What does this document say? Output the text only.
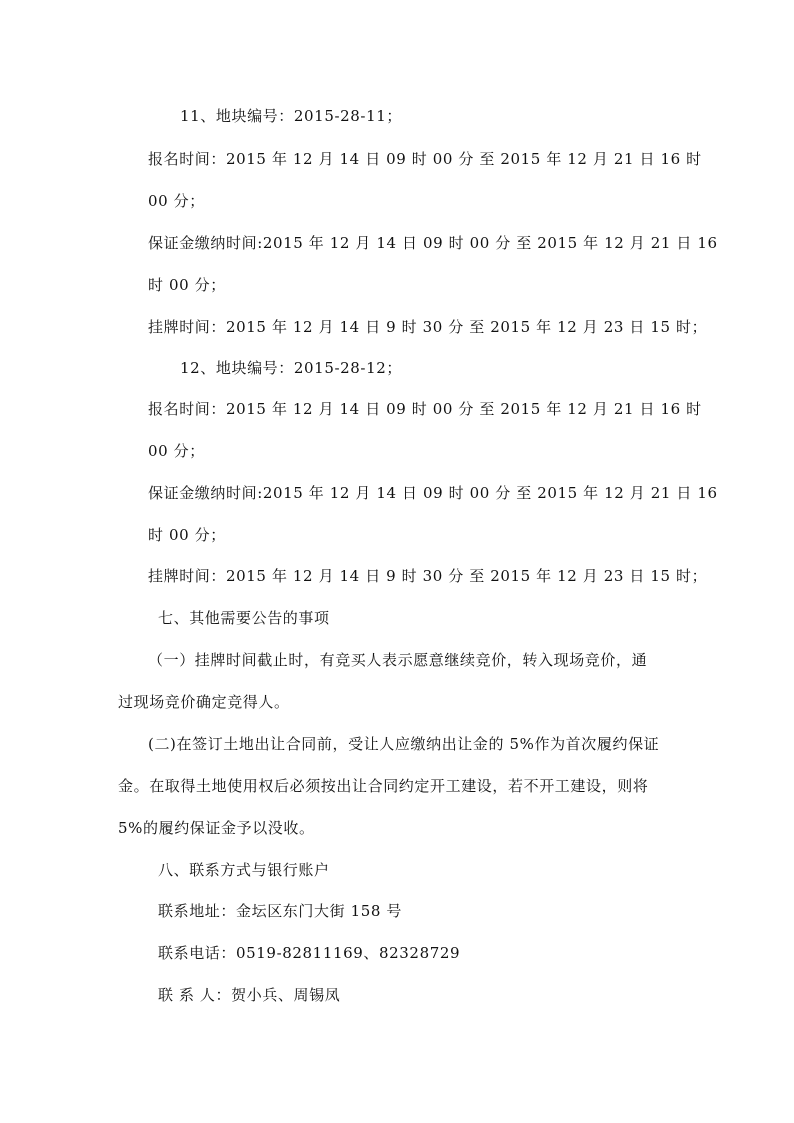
11、地块编号：2015-28-11；
报名时间：2015 年 12 月 14 日 09 时 00 分 至 2015 年 12 月 21 日 16 时
00 分；
保证金缴纳时间:2015 年 12 月 14 日 09 时 00 分 至 2015 年 12 月 21 日 16
时 00 分；
挂牌时间：2015 年 12 月 14 日 9 时 30 分 至 2015 年 12 月 23 日 15 时；
12、地块编号：2015-28-12；
报名时间：2015 年 12 月 14 日 09 时 00 分 至 2015 年 12 月 21 日 16 时
00 分；
保证金缴纳时间:2015 年 12 月 14 日 09 时 00 分 至 2015 年 12 月 21 日 16
时 00 分；
挂牌时间：2015 年 12 月 14 日 9 时 30 分 至 2015 年 12 月 23 日 15 时；
七、其他需要公告的事项
（一）挂牌时间截止时，有竞买人表示愿意继续竞价，转入现场竞价，通
过现场竞价确定竞得人。
(二)在签订土地出让合同前，受让人应缴纳出让金的 5%作为首次履约保证
金。在取得土地使用权后必须按出让合同约定开工建设，若不开工建设，则将
5%的履约保证金予以没收。
八、联系方式与银行账户
联系地址：金坛区东门大街 158 号
联系电话：0519-82811169、82328729
联 系 人：贺小兵、周锡凤
